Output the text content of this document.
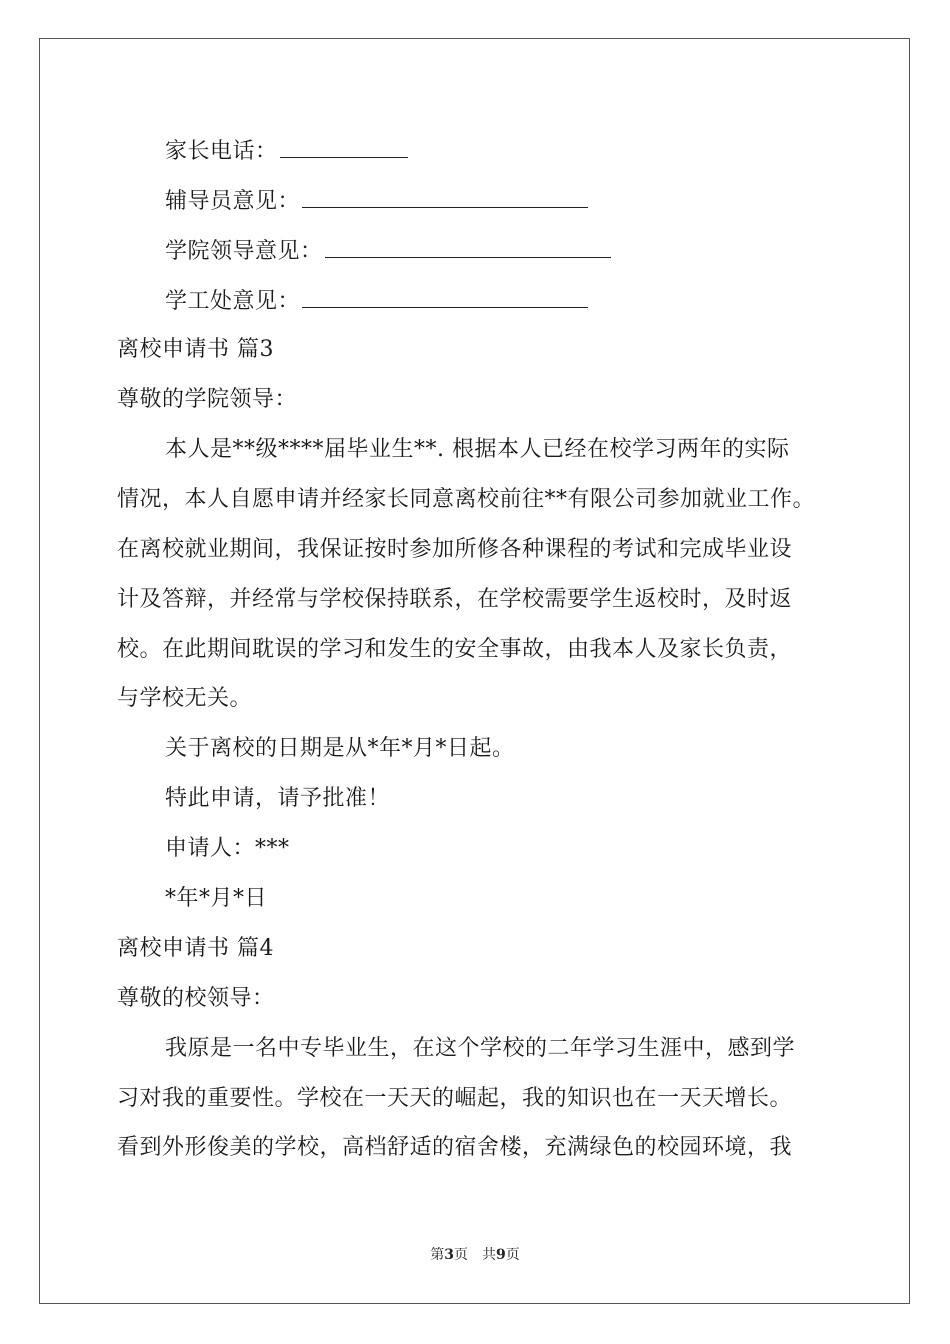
家长电话：
辅导员意见：
学院领导意见：
学工处意见：
离校申请书 篇3
尊敬的学院领导：
本人是**级****届毕业生**. 根据本人已经在校学习两年的实际
情况，本人自愿申请并经家长同意离校前往**有限公司参加就业工作。
在离校就业期间，我保证按时参加所修各种课程的考试和完成毕业设
计及答辩，并经常与学校保持联系，在学校需要学生返校时，及时返
校。在此期间耽误的学习和发生的安全事故，由我本人及家长负责，
与学校无关。
关于离校的日期是从*年*月*日起。
特此申请，请予批准！
申请人：***
*年*月*日
离校申请书 篇4
尊敬的校领导：
我原是一名中专毕业生，在这个学校的二年学习生涯中，感到学
习对我的重要性。学校在一天天的崛起，我的知识也在一天天增长。
看到外形俊美的学校，高档舒适的宿舍楼，充满绿色的校园环境，我
第3页　共9页
